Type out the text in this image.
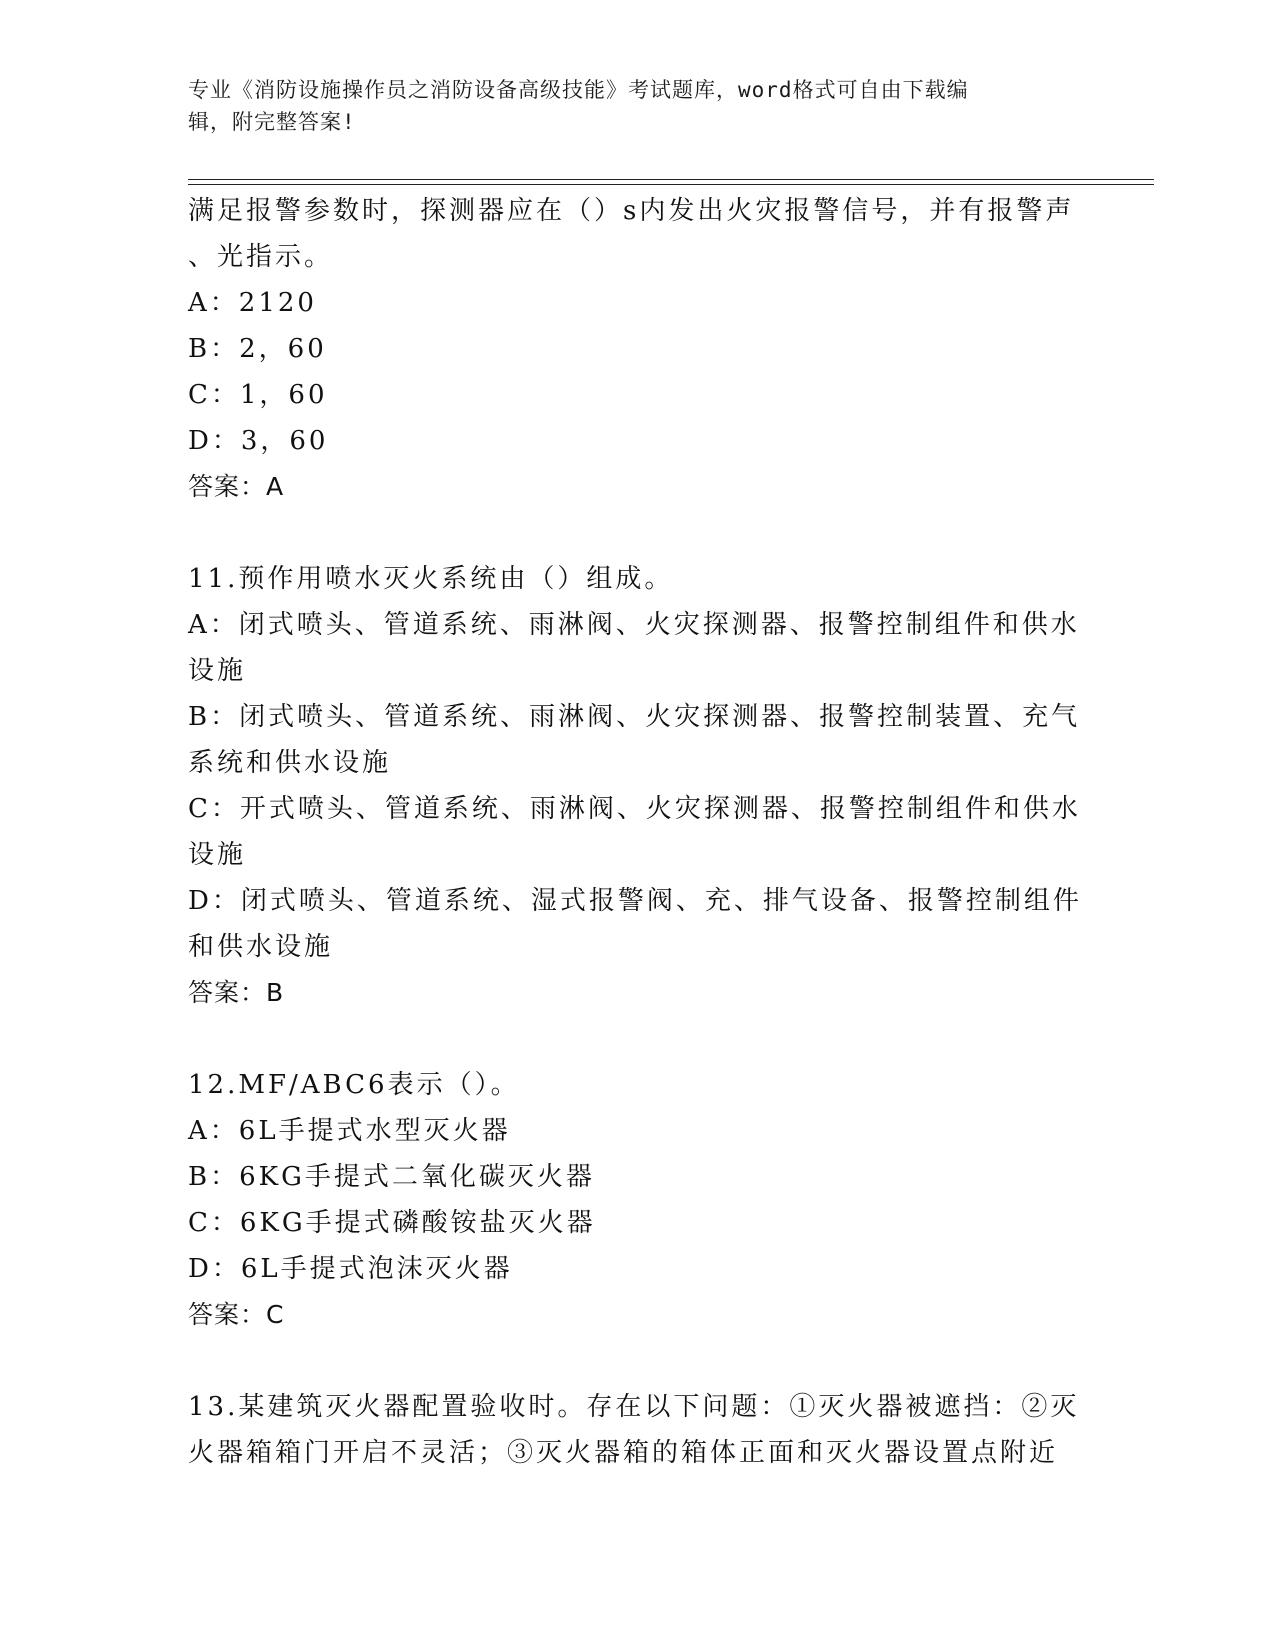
专业《消防设施操作员之消防设备高级技能》考试题库，word格式可自由下载编
辑，附完整答案!
满足报警参数时，探测器应在（）s内发出火灾报警信号，并有报警声
、光指示。
A：2120
B：2，60
C：1，60
D：3，60
答案：A
11.预作用喷水灭火系统由（）组成。
A：闭式喷头、管道系统、雨淋阀、火灾探测器、报警控制组件和供水
设施
B：闭式喷头、管道系统、雨淋阀、火灾探测器、报警控制装置、充气
系统和供水设施
C：开式喷头、管道系统、雨淋阀、火灾探测器、报警控制组件和供水
设施
D：闭式喷头、管道系统、湿式报警阀、充、排气设备、报警控制组件
和供水设施
答案：B
12.MF/ABC6表示（）。
A：6L手提式水型灭火器
B：6KG手提式二氧化碳灭火器
C：6KG手提式磷酸铵盐灭火器
D：6L手提式泡沫灭火器
答案：C
13.某建筑灭火器配置验收时。存在以下问题：①灭火器被遮挡：②灭
火器箱箱门开启不灵活；③灭火器箱的箱体正面和灭火器设置点附近
